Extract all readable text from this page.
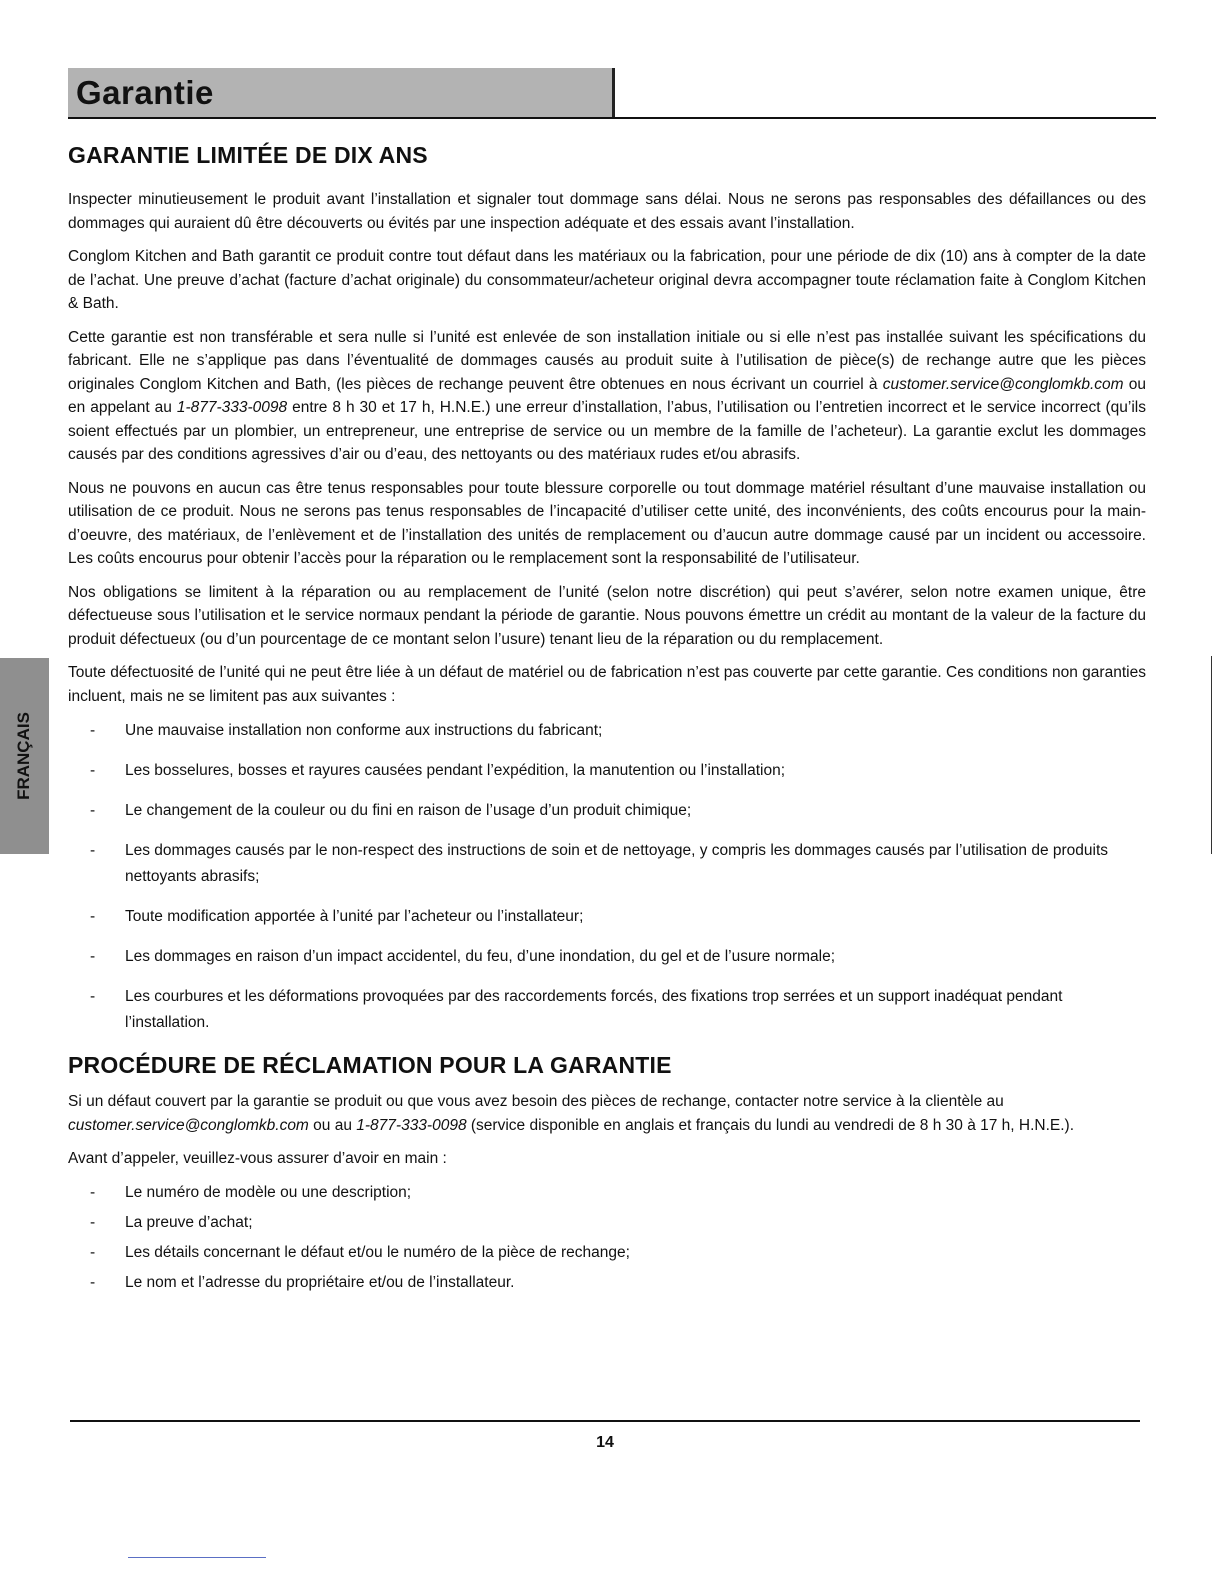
Garantie
FRANÇAIS
GARANTIE LIMITÉE DE DIX ANS

Inspecter minutieusement le produit avant l’installation et signaler tout dommage sans délai. Nous ne serons pas responsables des défaillances ou des dommages qui auraient dû être découverts ou évités par une inspection adéquate et des essais avant l’installation.

Conglom Kitchen and Bath garantit ce produit contre tout défaut dans les matériaux ou la fabrication, pour une période de dix (10) ans à compter de la date de l’achat. Une preuve d’achat (facture d’achat originale) du consommateur/acheteur original devra accompagner toute réclamation faite à Conglom Kitchen & Bath.

Cette garantie est non transférable et sera nulle si l’unité est enlevée de son installation initiale ou si elle n’est pas installée suivant les spécifications du fabricant. Elle ne s’applique pas dans l’éventualité de dommages causés au produit suite à l’utilisation de pièce(s) de rechange autre que les pièces originales Conglom Kitchen and Bath, (les pièces de rechange peuvent être obtenues en nous écrivant un courriel à customer.service@conglomkb.com ou en appelant au 1-877-333-0098 entre 8 h 30 et 17 h, H.N.E.) une erreur d’installation, l’abus, l’utilisation ou l’entretien incorrect et le service incorrect (qu’ils soient effectués par un plombier, un entrepreneur, une entreprise de service ou un membre de la famille de l’acheteur). La garantie exclut les dommages causés par des conditions agressives d’air ou d’eau, des nettoyants ou des matériaux rudes et/ou abrasifs.

Nous ne pouvons en aucun cas être tenus responsables pour toute blessure corporelle ou tout dommage matériel résultant d’une mauvaise installation ou utilisation de ce produit. Nous ne serons pas tenus responsables de l’incapacité d’utiliser cette unité, des inconvénients, des coûts encourus pour la main-d’oeuvre, des matériaux, de l’enlèvement et de l’installation des unités de remplacement ou d’aucun autre dommage causé par un incident ou accessoire. Les coûts encourus pour obtenir l’accès pour la réparation ou le remplacement sont la responsabilité de l’utilisateur.

Nos obligations se limitent à la réparation ou au remplacement de l’unité (selon notre discrétion) qui peut s’avérer, selon notre examen unique, être défectueuse sous l’utilisation et le service normaux pendant la période de garantie. Nous pouvons émettre un crédit au montant de la valeur de la facture du produit défectueux (ou d’un pourcentage de ce montant selon l’usure) tenant lieu de la réparation ou du remplacement.

Toute défectuosité de l’unité qui ne peut être liée à un défaut de matériel ou de fabrication n’est pas couverte par cette garantie. Ces conditions non garanties incluent, mais ne se limitent pas aux suivantes :

- Une mauvaise installation non conforme aux instructions du fabricant;
- Les bosselures, bosses et rayures causées pendant l’expédition, la manutention ou l’installation;
- Le changement de la couleur ou du fini en raison de l’usage d’un produit chimique;
- Les dommages causés par le non-respect des instructions de soin et de nettoyage, y compris les dommages causés par l’utilisation de produits nettoyants abrasifs;
- Toute modification apportée à l’unité par l’acheteur ou l’installateur;
- Les dommages en raison d’un impact accidentel, du feu, d’une inondation, du gel et de l’usure normale;
- Les courbures et les déformations provoquées par des raccordements forcés, des fixations trop serrées et un support inadéquat pendant l’installation.
PROCÉDURE DE RÉCLAMATION POUR LA GARANTIE

Si un défaut couvert par la garantie se produit ou que vous avez besoin des pièces de rechange, contacter notre service à la clientèle au customer.service@conglomkb.com ou au 1-877-333-0098 (service disponible en anglais et français du lundi au vendredi de 8 h 30 à 17 h, H.N.E.).

Avant d’appeler, veuillez-vous assurer d’avoir en main :

- Le numéro de modèle ou une description;
- La preuve d’achat;
- Les détails concernant le défaut et/ou le numéro de la pièce de rechange;
- Le nom et l’adresse du propriétaire et/ou de l’installateur.
14
